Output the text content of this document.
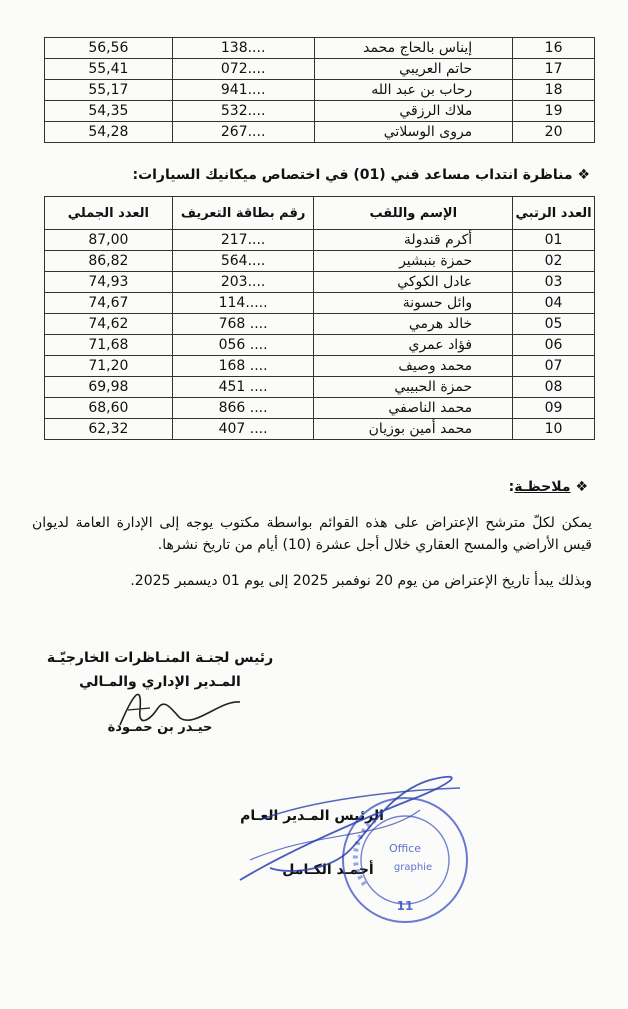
16	إيناس بالحاج محمد	138....	56,56
17	حاتم العريبي	072....	55,41
18	رحاب بن عبد الله	941....	55,17
19	ملاك الرزقي	532....	54,35
20	مروى الوسلاتي	267....	54,28
❖ مناظرة انتداب مساعد فني (01) في اختصاص ميكانيك السيارات:
العدد الرتبي	الإسم واللقب	رقم بطاقة التعريف	العدد الجملي
01	أكرم قندولة	217....	87,00
02	حمزة بنبشير	564....	86,82
03	عادل الكوكي	203....	74,93
04	وائل حسونة	114.....	74,67
05	خالد هرمي	768 ....	74,62
06	فؤاد عمري	056 ....	71,68
07	محمد وصيف	168 ....	71,20
08	حمزة الحبيبي	451 ....	69,98
09	محمد الناصفي	866 ....	68,60
10	محمد أمين بوزيان	407 ....	62,32
❖ ملاحظـة:
يمكن لكلّ مترشح الإعتراض على هذه القوائم بواسطة مكتوب يوجه إلى الإدارة العامة لديوان قيس الأراضي والمسح العقاري خلال أجل عشرة (10) أيام من تاريخ نشرها.
وبذلك يبدأ تاريخ الإعتراض من يوم 20 نوفمبر 2025 إلى يوم 01 ديسمبر 2025.
رئيس لجنـة المنـاظرات الخارجيّـة
المـدير الإداري والمـالي
حيـدر بن حمـودة
الرئيس المـدير العـام
أحمـد الكـامل
Office
graphie
11
